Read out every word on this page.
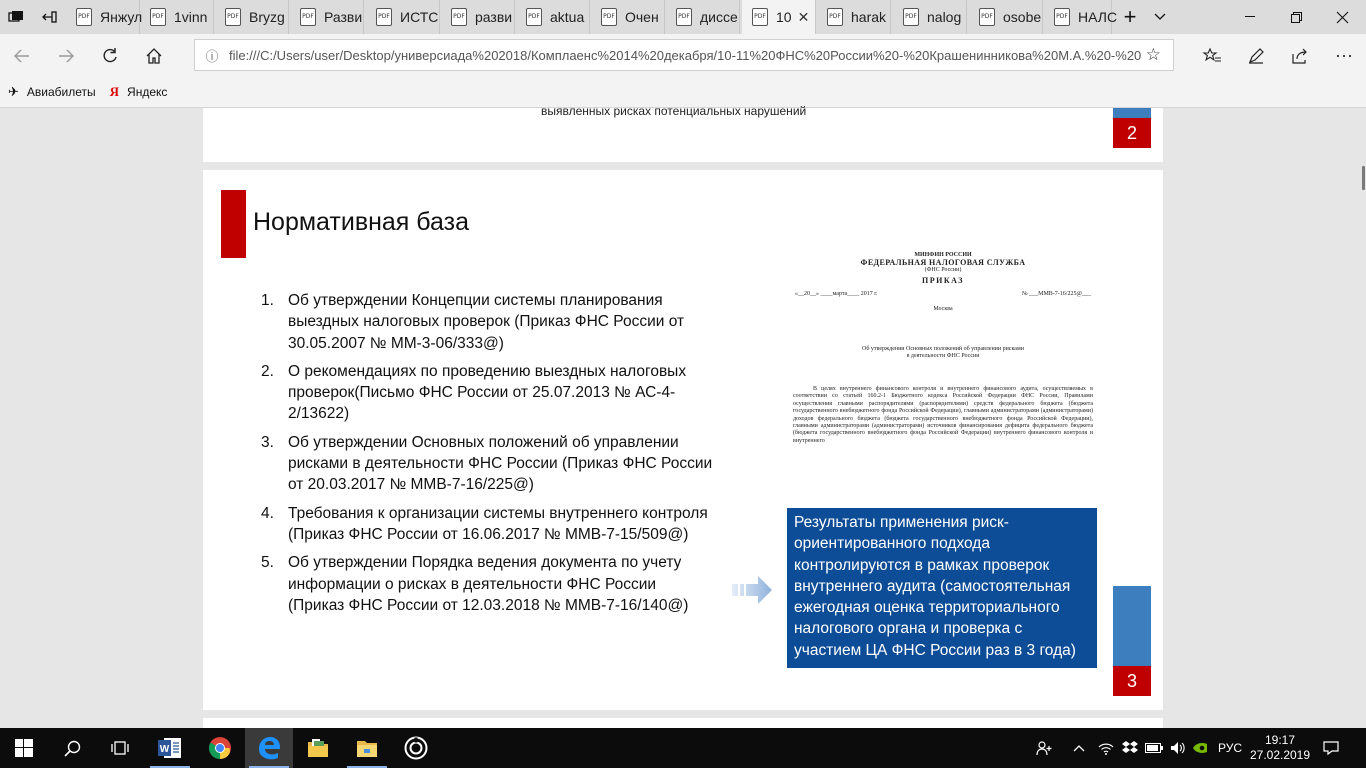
PDF Янжул	PDF 1vinn	PDF Bryzg	PDF Разви	PDF ИСТС	PDF разви	PDF aktua	PDF Очен	PDF диссе	PDF 10 ✕	PDF harak	PDF nalog	PDF osobe	PDF НАЛС +
ⓘ file:///C:/Users/user/Desktop/универсиада%202018/Комплаенс%2014%20декабря/10-11%20ФНС%20России%20-%20Крашенинникова%20М.А.%20-%20 ☆	···
✈ Авиабилеты Я Яндекс
выявленных рисках потенциальных нарушений
2
Нормативная база
1. Об утверждении Концепции системы планирования выездных налоговых проверок (Приказ ФНС России от 30.05.2007 № ММ-3-06/333@)
2. О рекомендациях по проведению выездных налоговых проверок(Письмо ФНС России от 25.07.2013 № АС-4-2/13622)
3. Об утверждении Основных положений об управлении рисками в деятельности ФНС России (Приказ ФНС России от 20.03.2017 № ММВ-7-16/225@)
4. Требования к организации системы внутреннего контроля (Приказ ФНС России от 16.06.2017 № ММВ-7-15/509@)
5. Об утверждении Порядка ведения документа по учету информации о рисках в деятельности ФНС России (Приказ ФНС России от 12.03.2018 № ММВ-7-16/140@)
МИНФИН РОССИИ
ФЕДЕРАЛЬНАЯ НАЛОГОВАЯ СЛУЖБА
(ФНС России)
ПРИКАЗ
«__20__» ____марта____ 2017 г.	№ ___ММВ-7-16/225@___
Москва
Об утверждении Основных положений об управлении рисками
в деятельности ФНС России
В целях внутреннего финансового контроля и внутреннего финансового аудита, осуществляемых в соответствии со статьей 160.2-1 Бюджетного кодекса Российской Федерации ФНС России, Правилами осуществления главными распорядителями (распорядителями) средств федерального бюджета (бюджета государственного внебюджетного фонда Российской Федерации), главными администраторами (администраторами) доходов федерального бюджета (бюджета государственного внебюджетного фонда Российской Федерации), главными администраторами (администраторами) источников финансирования дефицита федерального бюджета (бюджета государственного внебюджетного фонда Российской Федерации) внутреннего финансового контроля и внутреннего
Результаты применения риск-ориентированного подхода контролируются в рамках проверок внутреннего аудита (самостоятельная ежегодная оценка территориального налогового органа и проверка с участием ЦА ФНС России раз в 3 года)
3
W	РУС
19:17
27.02.2019
